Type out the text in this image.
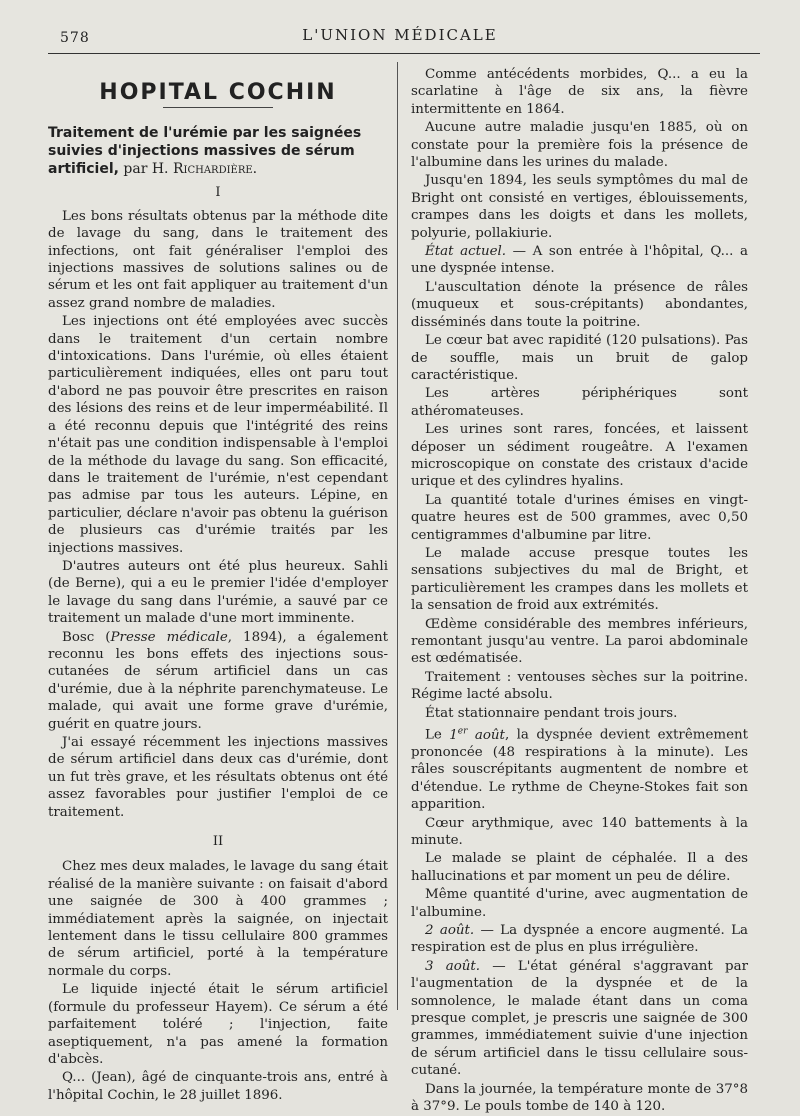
578	L'UNION MÉDICALE
HOPITAL COCHIN

Traitement de l'urémie par les saignées suivies d'injections massives de sérum artificiel, par H. Richardière.

I

Les bons résultats obtenus par la méthode dite de lavage du sang, dans le traitement des infections, ont fait généraliser l'emploi des injections massives de solutions salines ou de sérum et les ont fait appliquer au traitement d'un assez grand nombre de maladies.

Les injections ont été employées avec succès dans le traitement d'un certain nombre d'intoxications. Dans l'urémie, où elles étaient particulièrement indiquées, elles ont paru tout d'abord ne pas pouvoir être prescrites en raison des lésions des reins et de leur imperméabilité. Il a été reconnu depuis que l'intégrité des reins n'était pas une condition indispensable à l'emploi de la méthode du lavage du sang. Son efficacité, dans le traitement de l'urémie, n'est cependant pas admise par tous les auteurs. Lépine, en particulier, déclare n'avoir pas obtenu la guérison de plusieurs cas d'urémie traités par les injections massives.

D'autres auteurs ont été plus heureux. Sahli (de Berne), qui a eu le premier l'idée d'employer le lavage du sang dans l'urémie, a sauvé par ce traitement un malade d'une mort imminente.

Bosc (Presse médicale, 1894), a également reconnu les bons effets des injections sous-cutanées de sérum artificiel dans un cas d'urémie, due à la néphrite parenchymateuse. Le malade, qui avait une forme grave d'urémie, guérit en quatre jours.

J'ai essayé récemment les injections massives de sérum artificiel dans deux cas d'urémie, dont un fut très grave, et les résultats obtenus ont été assez favorables pour justifier l'emploi de ce traitement.

II

Chez mes deux malades, le lavage du sang était réalisé de la manière suivante : on faisait d'abord une saignée de 300 à 400 grammes ; immédiatement après la saignée, on injectait lentement dans le tissu cellulaire 800 grammes de sérum artificiel, porté à la température normale du corps.

Le liquide injecté était le sérum artificiel (formule du professeur Hayem). Ce sérum a été parfaitement toléré ; l'injection, faite aseptiquement, n'a pas amené la formation d'abcès.

Q... (Jean), âgé de cinquante-trois ans, entré à l'hôpital Cochin, le 28 juillet 1896.

Comme antécédents morbides, Q... a eu la scarlatine à l'âge de six ans, la fièvre intermittente en 1864.

Aucune autre maladie jusqu'en 1885, où on constate pour la première fois la présence de l'albumine dans les urines du malade.

Jusqu'en 1894, les seuls symptômes du mal de Bright ont consisté en vertiges, éblouissements, crampes dans les doigts et dans les mollets, polyurie, pollakiurie.

État actuel. — A son entrée à l'hôpital, Q... a une dyspnée intense.

L'auscultation dénote la présence de râles (muqueux et sous-crépitants) abondantes, disséminés dans toute la poitrine.

Le cœur bat avec rapidité (120 pulsations). Pas de souffle, mais un bruit de galop caractéristique.

Les artères périphériques sont athéromateuses.

Les urines sont rares, foncées, et laissent déposer un sédiment rougeâtre. A l'examen microscopique on constate des cristaux d'acide urique et des cylindres hyalins.

La quantité totale d'urines émises en vingt-quatre heures est de 500 grammes, avec 0,50 centigrammes d'albumine par litre.

Le malade accuse presque toutes les sensations subjectives du mal de Bright, et particulièrement les crampes dans les mollets et la sensation de froid aux extrémités.

Œdème considérable des membres inférieurs, remontant jusqu'au ventre. La paroi abdominale est œdématisée.

Traitement : ventouses sèches sur la poitrine. Régime lacté absolu.

État stationnaire pendant trois jours.

Le 1er août, la dyspnée devient extrêmement prononcée (48 respirations à la minute). Les râles souscrépitants augmentent de nombre et d'étendue. Le rythme de Cheyne-Stokes fait son apparition.

Cœur arythmique, avec 140 battements à la minute.

Le malade se plaint de céphalée. Il a des hallucinations et par moment un peu de délire.

Même quantité d'urine, avec augmentation de l'albumine.

2 août. — La dyspnée a encore augmenté. La respiration est de plus en plus irrégulière.

3 août. — L'état général s'aggravant par l'augmentation de la dyspnée et de la somnolence, le malade étant dans un coma presque complet, je prescris une saignée de 300 grammes, immédiatement suivie d'une injection de sérum artificiel dans le tissu cellulaire sous-cutané.

Dans la journée, la température monte de 37°8 à 37°9. Le pouls tombe de 140 à 120.
